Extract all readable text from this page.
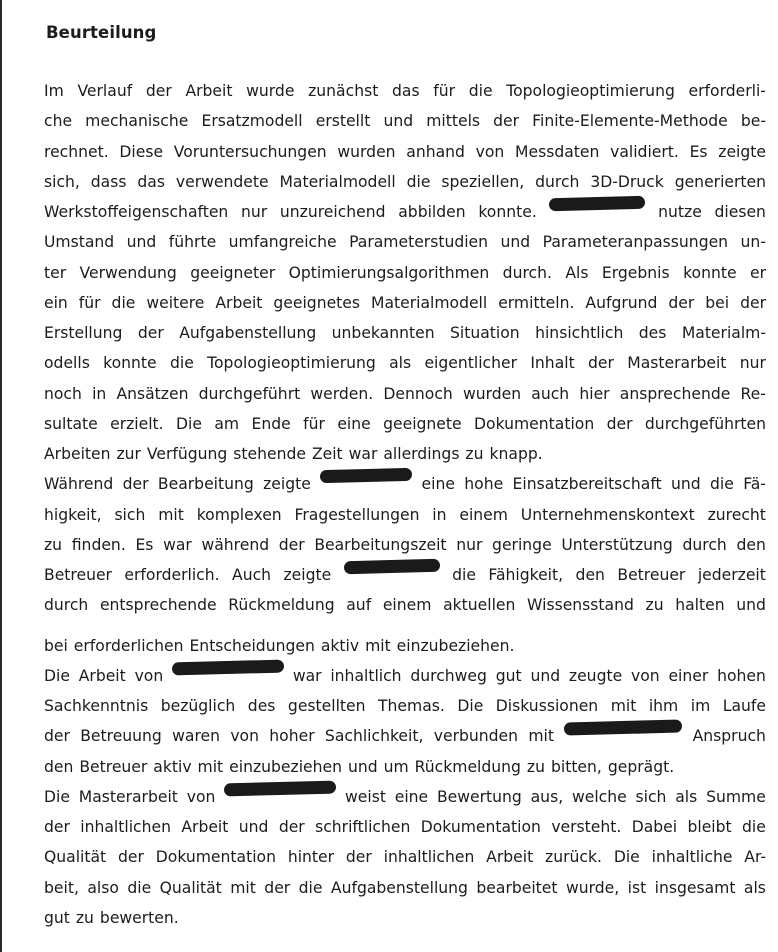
Beurteilung
Im Verlauf der Arbeit wurde zunächst das für die Topologieoptimierung erforderli-
che mechanische Ersatzmodell erstellt und mittels der Finite-Elemente-Methode be-
rechnet. Diese Voruntersuchungen wurden anhand von Messdaten validiert. Es zeigte
sich, dass das verwendete Materialmodell die speziellen, durch 3D-Druck generierten
Werkstoffeigenschaften nur unzureichend abbilden konnte.	nutze diesen
Umstand und führte umfangreiche Parameterstudien und Parameteranpassungen un-
ter Verwendung geeigneter Optimierungsalgorithmen durch. Als Ergebnis konnte er
ein für die weitere Arbeit geeignetes Materialmodell ermitteln. Aufgrund der bei der
Erstellung der Aufgabenstellung unbekannten Situation hinsichtlich des Materialm-
odells konnte die Topologieoptimierung als eigentlicher Inhalt der Masterarbeit nur
noch in Ansätzen durchgeführt werden. Dennoch wurden auch hier ansprechende Re-
sultate erzielt. Die am Ende für eine geeignete Dokumentation der durchgeführten
Arbeiten
zur
Verfügung
stehende
Zeit
war
allerdings
zu
knapp.
Während der Bearbeitung zeigte	eine hohe Einsatzbereitschaft und die Fä-
higkeit, sich mit komplexen Fragestellungen in einem Unternehmenskontext zurecht
zu finden. Es war während der Bearbeitungszeit nur geringe Unterstützung durch den
Betreuer erforderlich. Auch zeigte	die Fähigkeit, den Betreuer jederzeit
durch entsprechende Rückmeldung auf einem aktuellen Wissensstand zu halten und
bei
erforderlichen
Entscheidungen
aktiv
mit
einzubeziehen.
Die Arbeit von	war inhaltlich durchweg gut und zeugte von einer hohen
Sachkenntnis bezüglich des gestellten Themas. Die Diskussionen mit ihm im Laufe
der Betreuung waren von hoher Sachlichkeit, verbunden mit	Anspruch
den
Betreuer
aktiv
mit
einzubeziehen
und
um
Rückmeldung
zu
bitten,
geprägt.
Die Masterarbeit von	weist eine Bewertung aus, welche sich als Summe
der inhaltlichen Arbeit und der schriftlichen Dokumentation versteht. Dabei bleibt die
Qualität der Dokumentation hinter der inhaltlichen Arbeit zurück. Die inhaltliche Ar-
beit, also die Qualität mit der die Aufgabenstellung bearbeitet wurde, ist insgesamt als
gut
zu
bewerten.
